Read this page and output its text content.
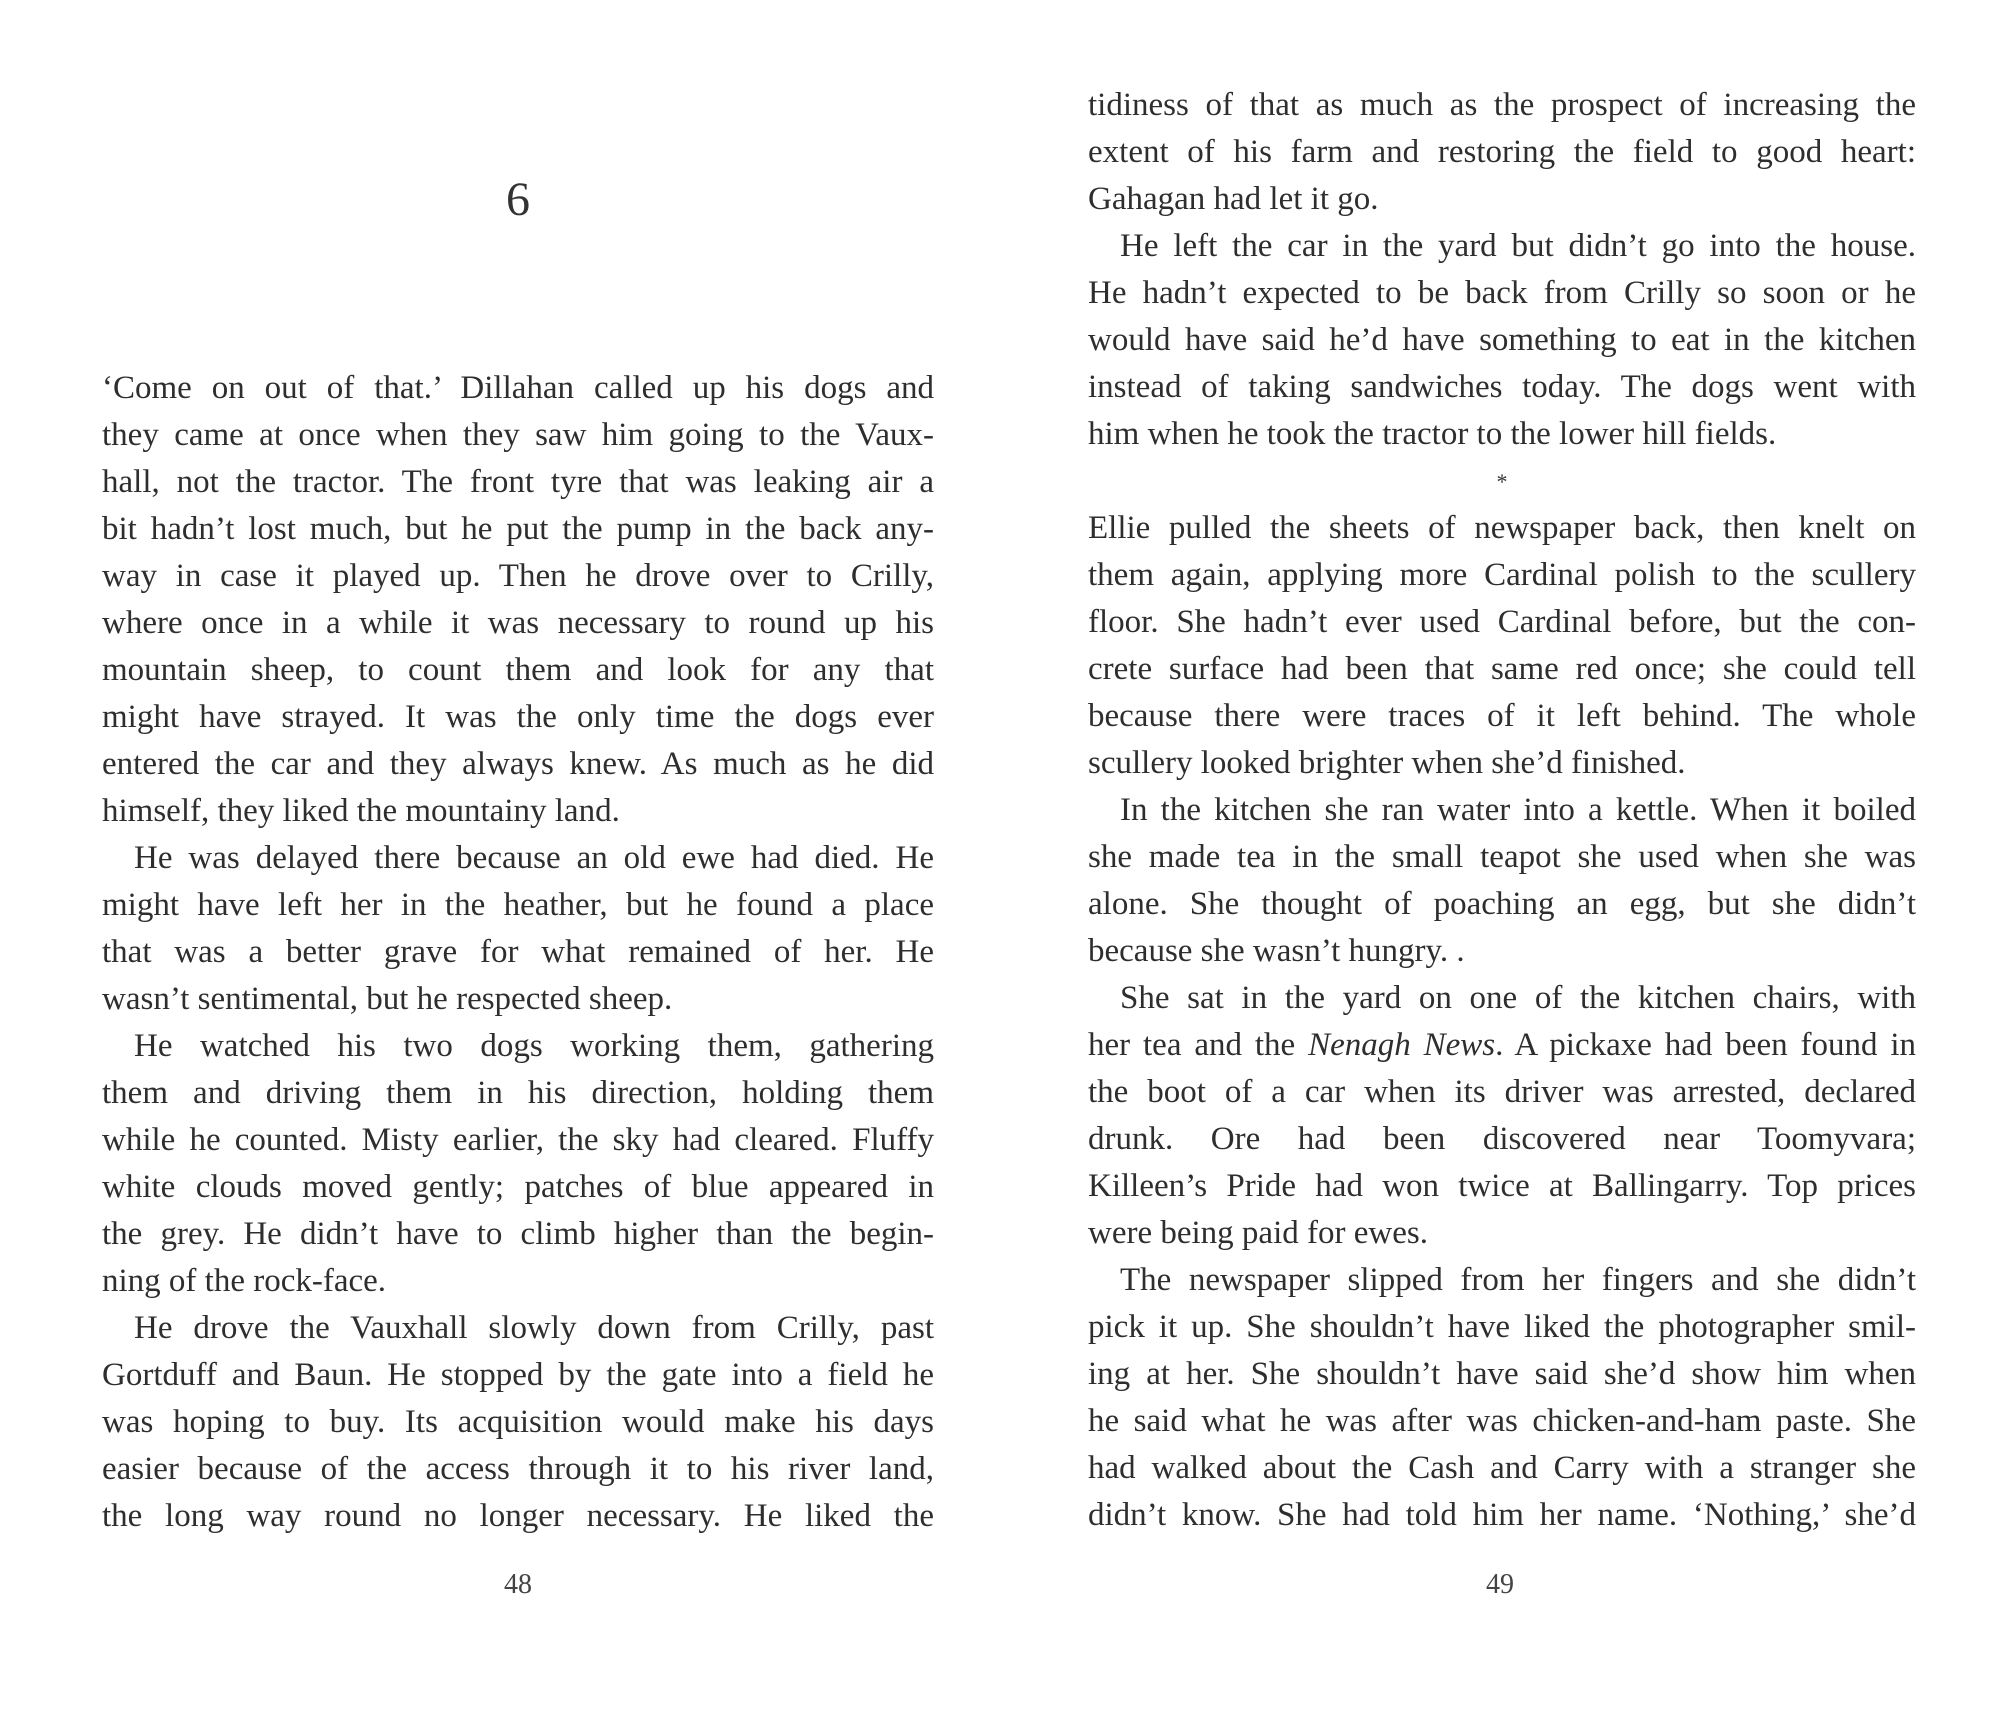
6
‘Come on out of that.’ Dillahan called up his dogs and
they came at once when they saw him going to the Vaux-
hall, not the tractor. The front tyre that was leaking air a
bit hadn’t lost much, but he put the pump in the back any-
way in case it played up. Then he drove over to Crilly,
where once in a while it was necessary to round up his
mountain sheep, to count them and look for any that
might have strayed. It was the only time the dogs ever
entered the car and they always knew. As much as he did
himself, they liked the mountainy land.
He was delayed there because an old ewe had died. He
might have left her in the heather, but he found a place
that was a better grave for what remained of her. He
wasn’t sentimental, but he respected sheep.
He watched his two dogs working them, gathering
them and driving them in his direction, holding them
while he counted. Misty earlier, the sky had cleared. Fluffy
white clouds moved gently; patches of blue appeared in
the grey. He didn’t have to climb higher than the begin-
ning of the rock-face.
He drove the Vauxhall slowly down from Crilly, past
Gortduff and Baun. He stopped by the gate into a field he
was hoping to buy. Its acquisition would make his days
easier because of the access through it to his river land,
the long way round no longer necessary. He liked the
48
tidiness of that as much as the prospect of increasing the
extent of his farm and restoring the field to good heart:
Gahagan had let it go.
He left the car in the yard but didn’t go into the house.
He hadn’t expected to be back from Crilly so soon or he
would have said he’d have something to eat in the kitchen
instead of taking sandwiches today. The dogs went with
him when he took the tractor to the lower hill fields.
*
Ellie pulled the sheets of newspaper back, then knelt on
them again, applying more Cardinal polish to the scullery
floor. She hadn’t ever used Cardinal before, but the con-
crete surface had been that same red once; she could tell
because there were traces of it left behind. The whole
scullery looked brighter when she’d finished.
In the kitchen she ran water into a kettle. When it boiled
she made tea in the small teapot she used when she was
alone. She thought of poaching an egg, but she didn’t
because she wasn’t hungry. .
She sat in the yard on one of the kitchen chairs, with
her tea and the Nenagh News. A pickaxe had been found in
the boot of a car when its driver was arrested, declared
drunk. Ore had been discovered near Toomyvara;
Killeen’s Pride had won twice at Ballingarry. Top prices
were being paid for ewes.
The newspaper slipped from her fingers and she didn’t
pick it up. She shouldn’t have liked the photographer smil-
ing at her. She shouldn’t have said she’d show him when
he said what he was after was chicken-and-ham paste. She
had walked about the Cash and Carry with a stranger she
didn’t know. She had told him her name. ‘Nothing,’ she’d
49
